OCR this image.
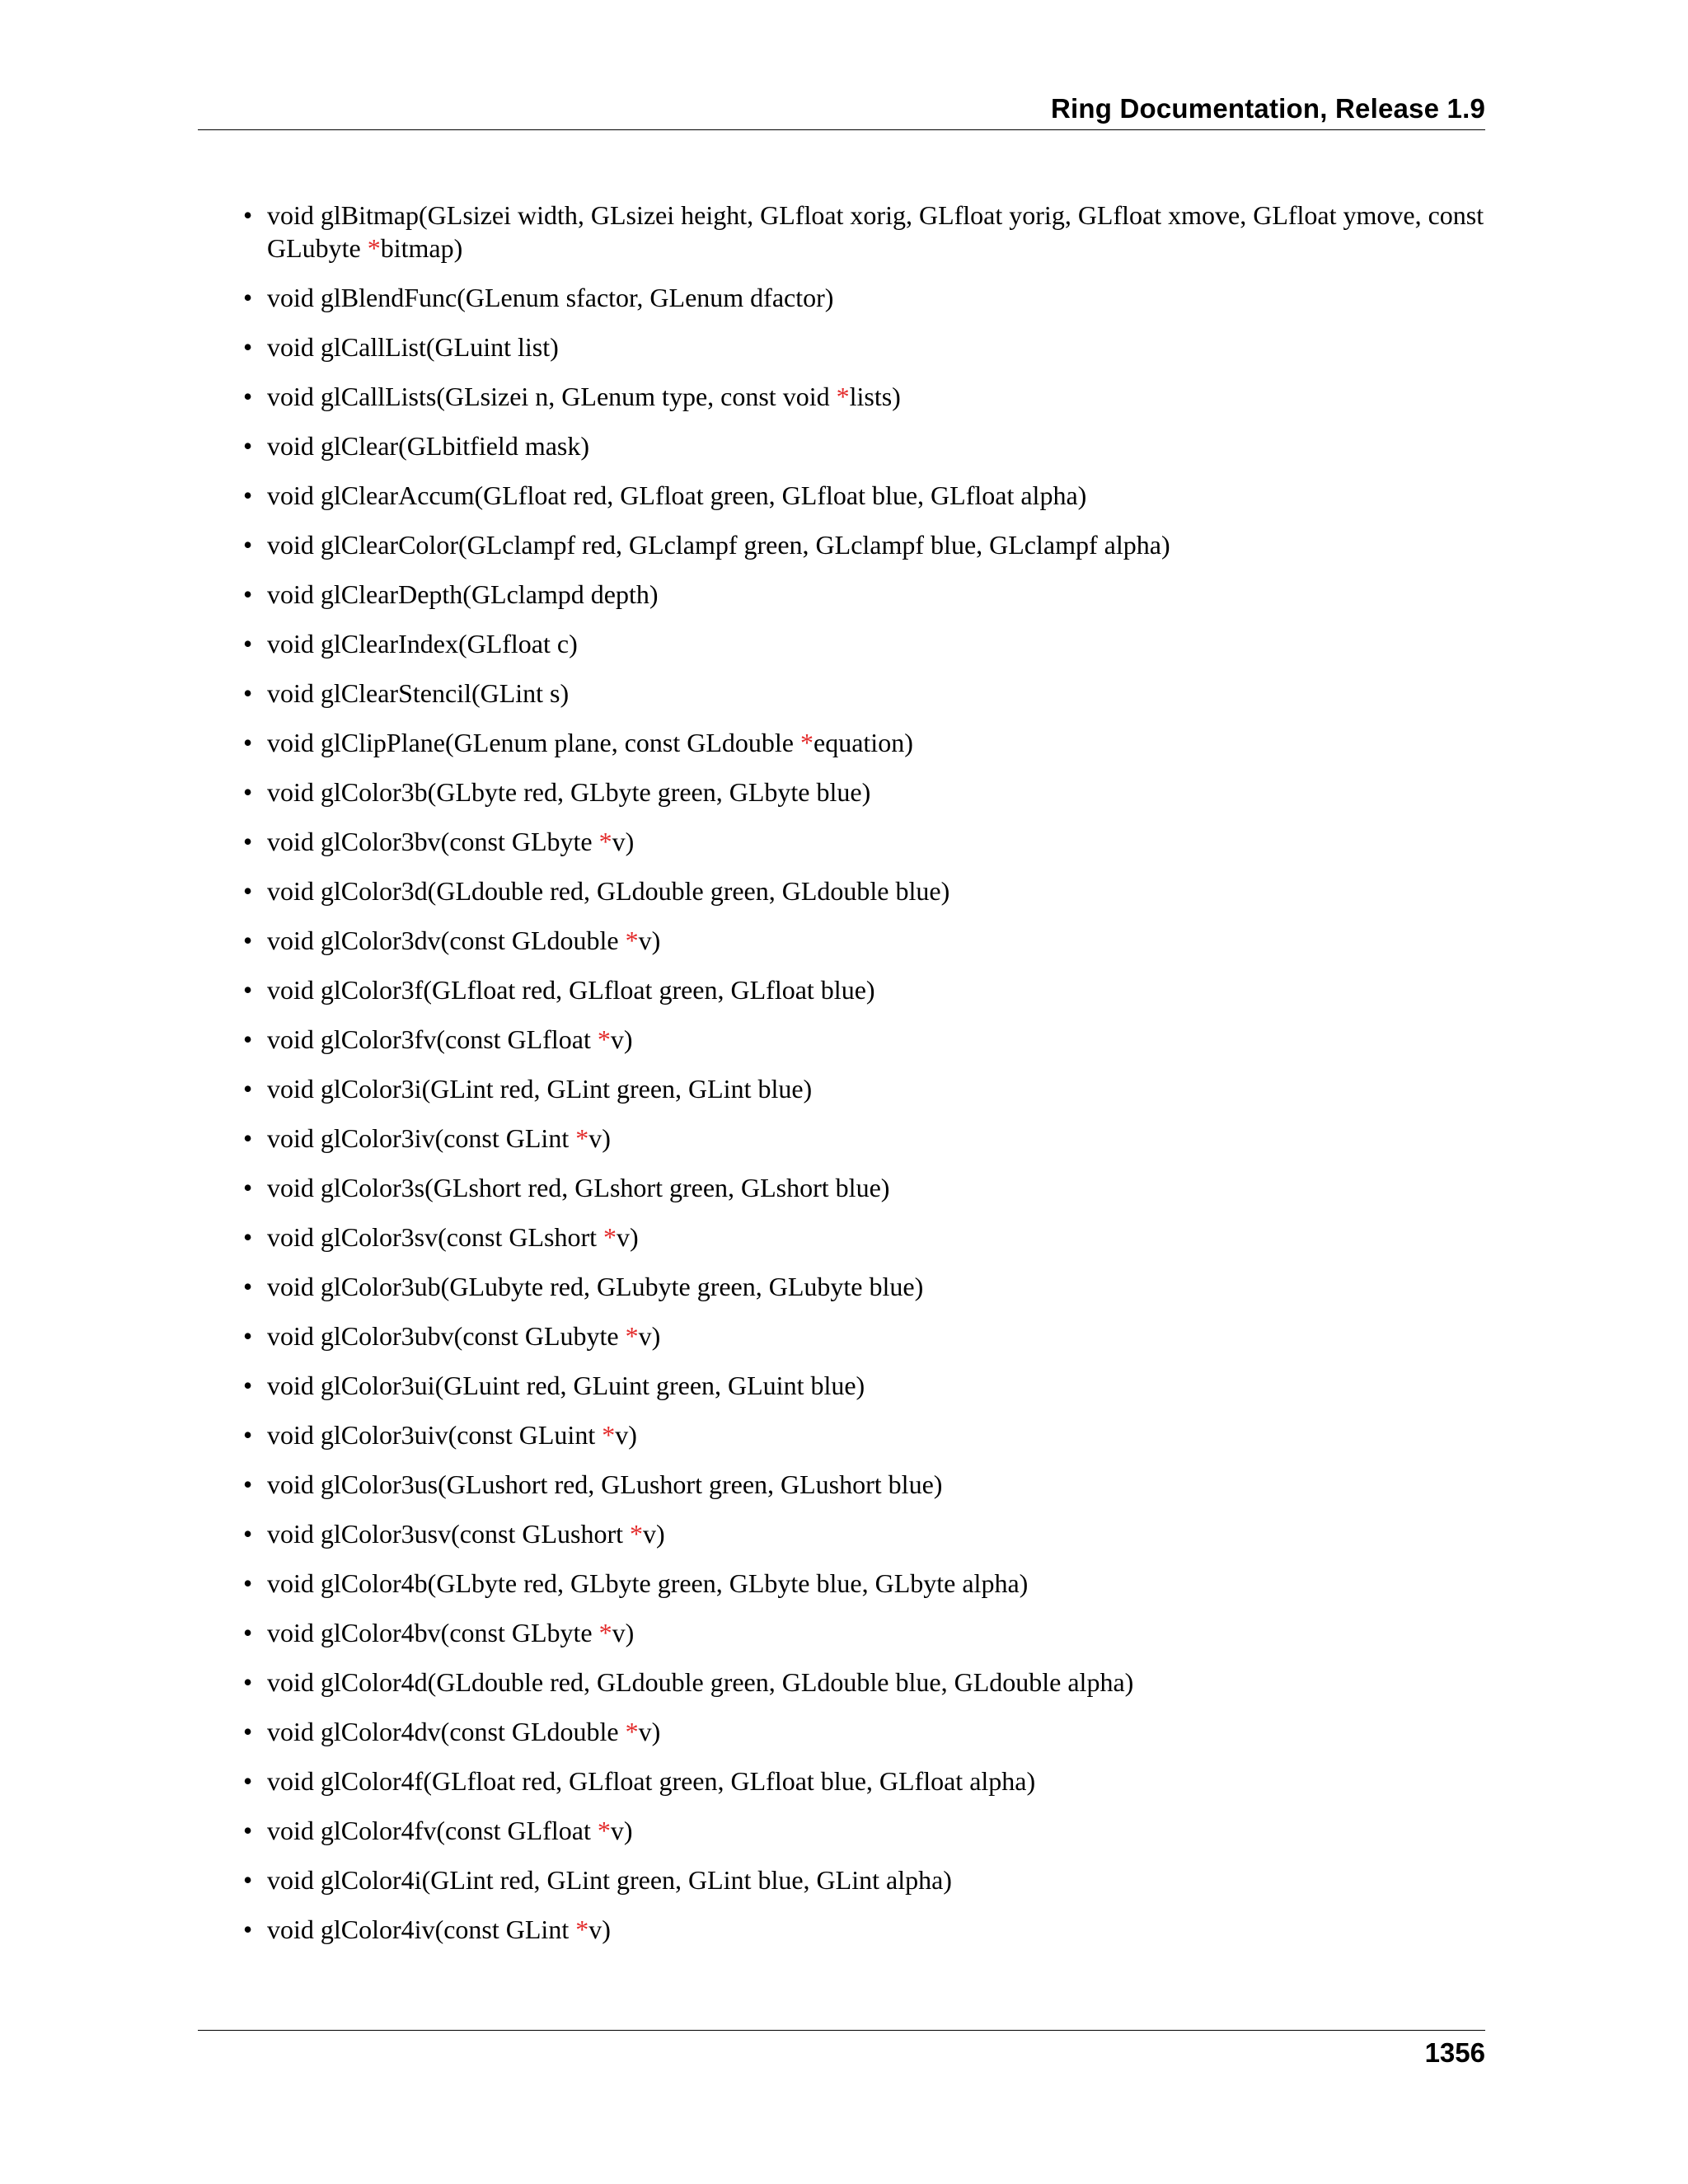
Ring Documentation, Release 1.9
• void glBitmap(GLsizei width, GLsizei height, GLfloat xorig, GLfloat yorig, GLfloat xmove, GLfloat ymove, const GLubyte *bitmap)
• void glBlendFunc(GLenum sfactor, GLenum dfactor)
• void glCallList(GLuint list)
• void glCallLists(GLsizei n, GLenum type, const void *lists)
• void glClear(GLbitfield mask)
• void glClearAccum(GLfloat red, GLfloat green, GLfloat blue, GLfloat alpha)
• void glClearColor(GLclampf red, GLclampf green, GLclampf blue, GLclampf alpha)
• void glClearDepth(GLclampd depth)
• void glClearIndex(GLfloat c)
• void glClearStencil(GLint s)
• void glClipPlane(GLenum plane, const GLdouble *equation)
• void glColor3b(GLbyte red, GLbyte green, GLbyte blue)
• void glColor3bv(const GLbyte *v)
• void glColor3d(GLdouble red, GLdouble green, GLdouble blue)
• void glColor3dv(const GLdouble *v)
• void glColor3f(GLfloat red, GLfloat green, GLfloat blue)
• void glColor3fv(const GLfloat *v)
• void glColor3i(GLint red, GLint green, GLint blue)
• void glColor3iv(const GLint *v)
• void glColor3s(GLshort red, GLshort green, GLshort blue)
• void glColor3sv(const GLshort *v)
• void glColor3ub(GLubyte red, GLubyte green, GLubyte blue)
• void glColor3ubv(const GLubyte *v)
• void glColor3ui(GLuint red, GLuint green, GLuint blue)
• void glColor3uiv(const GLuint *v)
• void glColor3us(GLushort red, GLushort green, GLushort blue)
• void glColor3usv(const GLushort *v)
• void glColor4b(GLbyte red, GLbyte green, GLbyte blue, GLbyte alpha)
• void glColor4bv(const GLbyte *v)
• void glColor4d(GLdouble red, GLdouble green, GLdouble blue, GLdouble alpha)
• void glColor4dv(const GLdouble *v)
• void glColor4f(GLfloat red, GLfloat green, GLfloat blue, GLfloat alpha)
• void glColor4fv(const GLfloat *v)
• void glColor4i(GLint red, GLint green, GLint blue, GLint alpha)
• void glColor4iv(const GLint *v)
1356
